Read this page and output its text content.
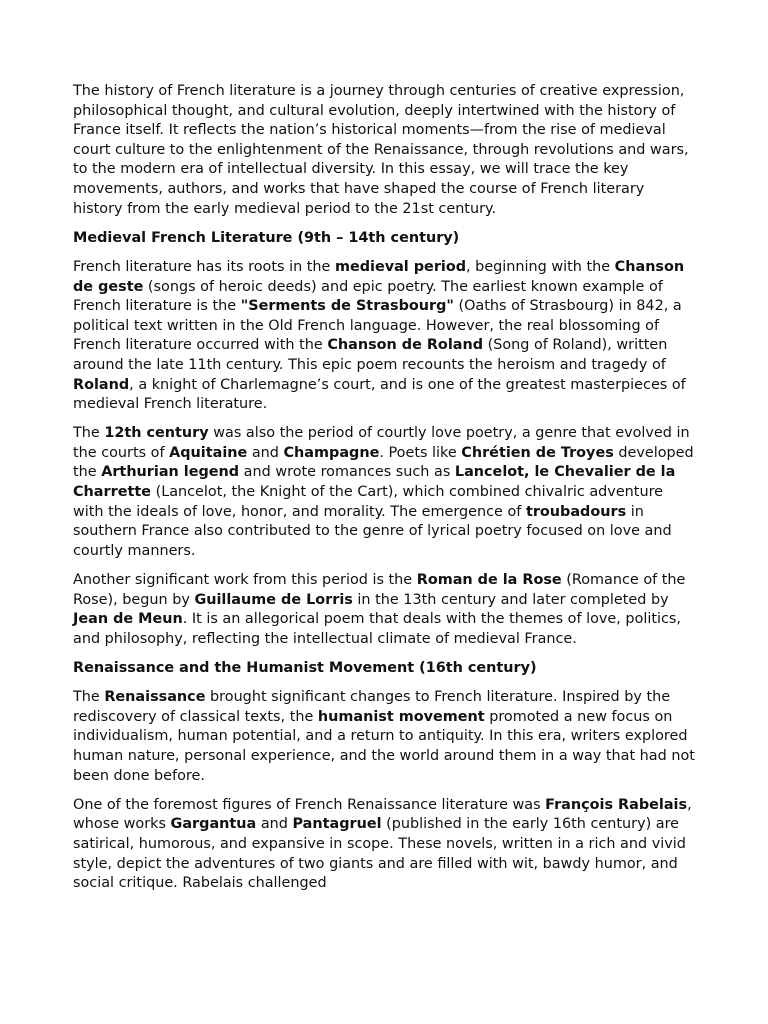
The history of French literature is a journey through centuries of creative expression, philosophical thought, and cultural evolution, deeply intertwined with the history of France itself. It reflects the nation’s historical moments—from the rise of medieval court culture to the enlightenment of the Renaissance, through revolutions and wars, to the modern era of intellectual diversity. In this essay, we will trace the key movements, authors, and works that have shaped the course of French literary history from the early medieval period to the 21st century.

Medieval French Literature (9th – 14th century)

French literature has its roots in the medieval period, beginning with the Chanson de geste (songs of heroic deeds) and epic poetry. The earliest known example of French literature is the "Serments de Strasbourg" (Oaths of Strasbourg) in 842, a political text written in the Old French language. However, the real blossoming of French literature occurred with the Chanson de Roland (Song of Roland), written around the late 11th century. This epic poem recounts the heroism and tragedy of Roland, a knight of Charlemagne’s court, and is one of the greatest masterpieces of medieval French literature.

The 12th century was also the period of courtly love poetry, a genre that evolved in the courts of Aquitaine and Champagne. Poets like Chrétien de Troyes developed the Arthurian legend and wrote romances such as Lancelot, le Chevalier de la Charrette (Lancelot, the Knight of the Cart), which combined chivalric adventure with the ideals of love, honor, and morality. The emergence of troubadours in southern France also contributed to the genre of lyrical poetry focused on love and courtly manners.

Another significant work from this period is the Roman de la Rose (Romance of the Rose), begun by Guillaume de Lorris in the 13th century and later completed by Jean de Meun. It is an allegorical poem that deals with the themes of love, politics, and philosophy, reflecting the intellectual climate of medieval France.

Renaissance and the Humanist Movement (16th century)

The Renaissance brought significant changes to French literature. Inspired by the rediscovery of classical texts, the humanist movement promoted a new focus on individualism, human potential, and a return to antiquity. In this era, writers explored human nature, personal experience, and the world around them in a way that had not been done before.

One of the foremost figures of French Renaissance literature was François Rabelais, whose works Gargantua and Pantagruel (published in the early 16th century) are satirical, humorous, and expansive in scope. These novels, written in a rich and vivid style, depict the adventures of two giants and are filled with wit, bawdy humor, and social critique. Rabelais challenged
